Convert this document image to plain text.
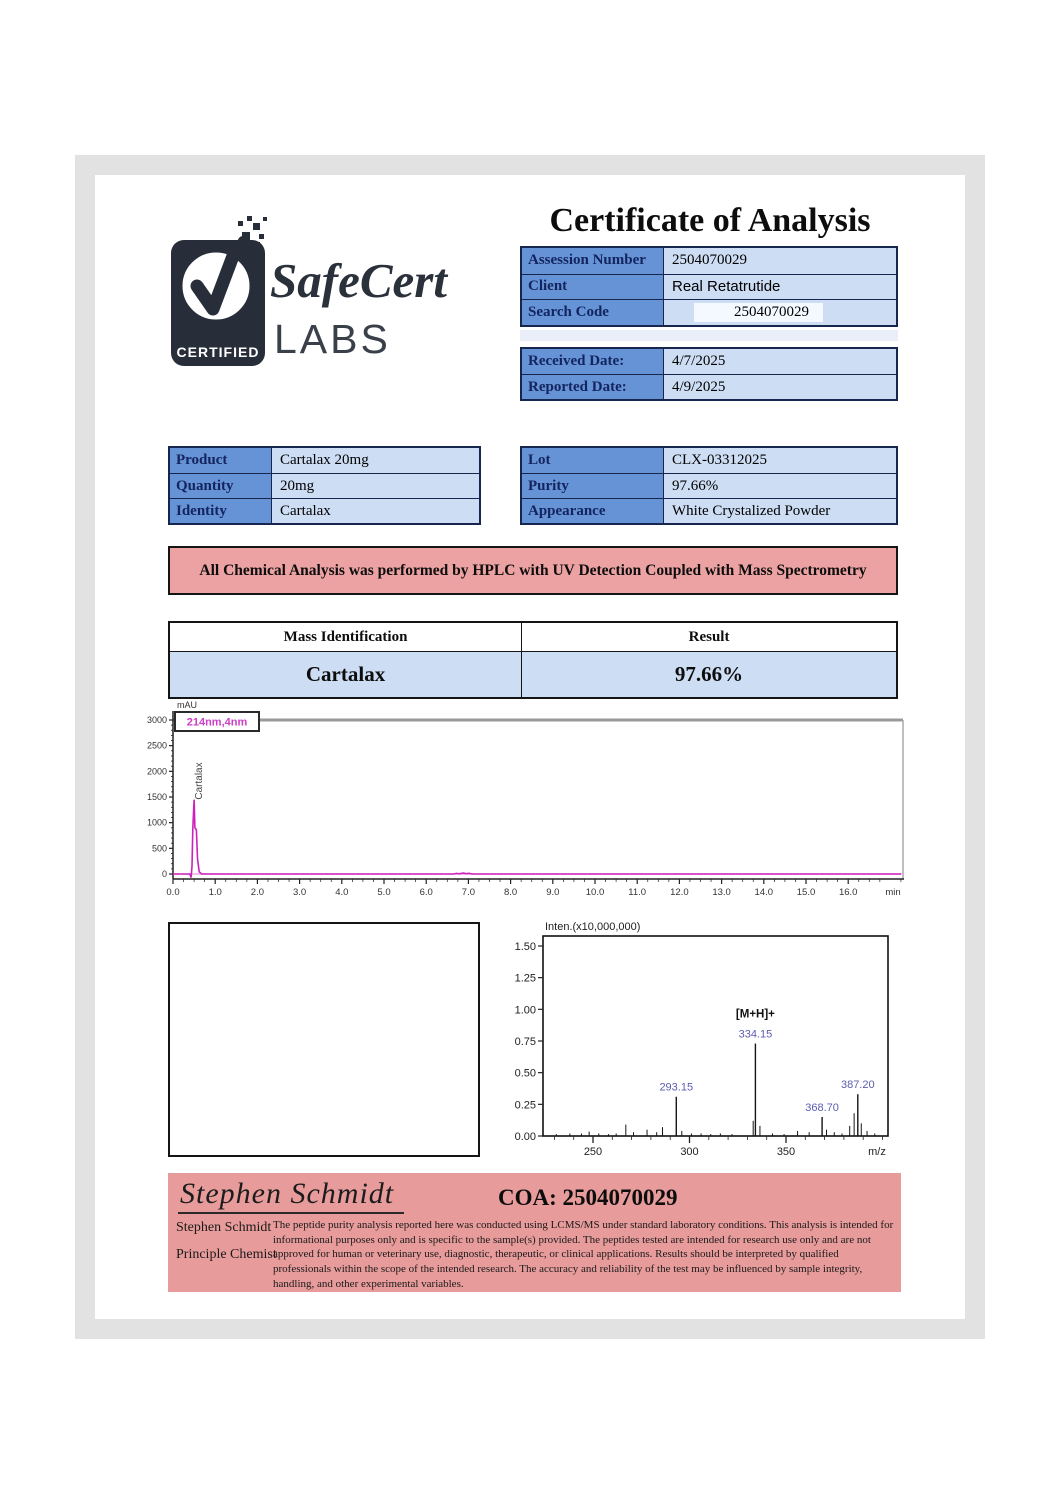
CERTIFIED
SafeCert
LABS
Certificate of Analysis
Assession Number	2504070029
Client	Real Retatrutide
Search Code	2504070029
Received Date:	4/7/2025
Reported Date:	4/9/2025
Product	Cartalax 20mg
Quantity	20mg
Identity	Cartalax
Lot	CLX-03312025
Purity	97.66%
Appearance	White Crystalized Powder
All Chemical Analysis was performed by HPLC with UV Detection Coupled with Mass Spectrometry
Mass Identification	Result
Cartalax	97.66%
mAU
0
500
1000
1500
2000
2500
3000
0.0	1.0	2.0	3.0	4.0	5.0	6.0	7.0	8.0	9.0	10.0	11.0	12.0 13.0 14.0 15.0 16.0	min
214nm,4nm
Cartalax
Inten.(x10,000,000)
0.00
0.25
0.50
0.75
1.00
1.25
1.50
250	300	350	m/z
293.15
334.15
[M+H]+
368.70
387.20
Stephen Schmidt	COA: 2504070029
Stephen Schmidt
Principle Chemist
The peptide purity analysis reported here was conducted using LCMS/MS under standard laboratory conditions. This analysis is intended for informational purposes only and is specific to the sample(s) provided. The peptides tested are intended for research use only and are not approved for human or veterinary use, diagnostic, therapeutic, or clinical applications. Results should be interpreted by qualified professionals within the scope of the intended research. The accuracy and reliability of the test may be influenced by sample integrity, handling, and other experimental variables.
